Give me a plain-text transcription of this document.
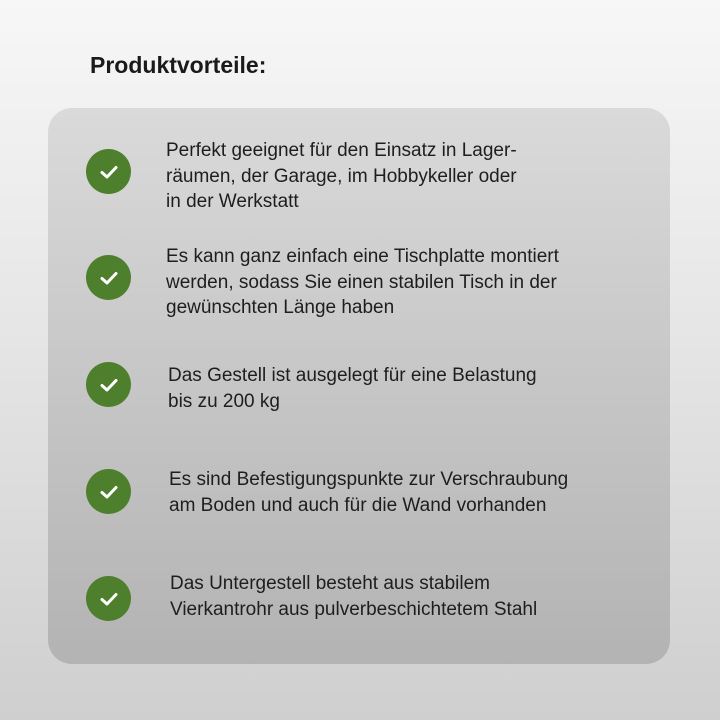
Produktvorteile:

Perfekt geeignet für den Einsatz in Lager-
räumen, der Garage, im Hobbykeller oder
in der Werkstatt

Es kann ganz einfach eine Tischplatte montiert
werden, sodass Sie einen stabilen Tisch in der
gewünschten Länge haben

Das Gestell ist ausgelegt für eine Belastung
bis zu 200 kg

Es sind Befestigungspunkte zur Verschraubung
am Boden und auch für die Wand vorhanden

Das Untergestell besteht aus stabilem
Vierkantrohr aus pulverbeschichtetem Stahl
